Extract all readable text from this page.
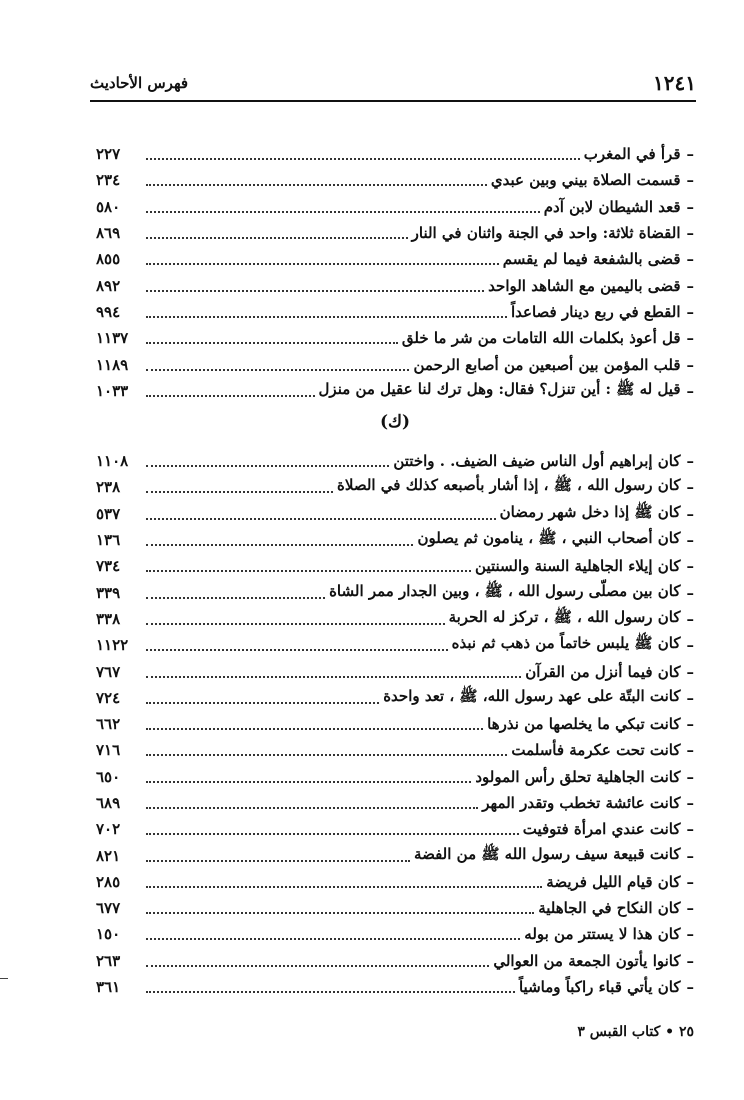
١٢٤١
فهرس الأحاديث
–
قرأ في المغرب
٢٢٧
–
قسمت الصلاة بيني وبين عبدي
٢٣٤
–
قعد الشيطان لابن آدم
٥٨٠
–
القضاة ثلاثة: واحد في الجنة واثنان في النار
٨٦٩
–
قضى بالشفعة فيما لم يقسم
٨٥٥
–
قضى باليمين مع الشاهد الواحد
٨٩٢
–
القطع في ربع دينار فصاعداً
٩٩٤
–
قل أعوذ بكلمات الله التامات من شر ما خلق
١١٣٧
–
قلب المؤمن بين أصبعين من أصابع الرحمن
١١٨٩
–
قيل له ﷺ : أين تنزل؟ فقال: وهل ترك لنا عقيل من منزل
١٠٣٣
(ك)
–
كان إبراهيم أول الناس ضيف الضيف. . واختتن
١١٠٨
–
كان رسول الله ، ﷺ ، إذا أشار بأصبعه كذلك في الصلاة
٢٣٨
–
كان ﷺ إذا دخل شهر رمضان
٥٣٧
–
كان أصحاب النبي ، ﷺ ، ينامون ثم يصلون
١٣٦
–
كان إيلاء الجاهلية السنة والسنتين
٧٣٤
–
كان بين مصلّى رسول الله ، ﷺ ، وبين الجدار ممر الشاة
٣٣٩
–
كان رسول الله ، ﷺ ، تركز له الحربة
٣٣٨
–
كان ﷺ يلبس خاتماً من ذهب ثم نبذه
١١٢٢
–
كان فيما أنزل من القرآن
٧٦٧
–
كانت البتّة على عهد رسول الله، ﷺ ، تعد واحدة
٧٢٤
–
كانت تبكي ما يخلصها من نذرها
٦٦٢
–
كانت تحت عكرمة فأسلمت
٧١٦
–
كانت الجاهلية تحلق رأس المولود
٦٥٠
–
كانت عائشة تخطب وتقدر المهر
٦٨٩
–
كانت عندي امرأة فتوفيت
٧٠٢
–
كانت قبيعة سيف رسول الله ﷺ من الفضة
٨٢١
–
كان قيام الليل فريضة
٢٨٥
–
كان النكاح في الجاهلية
٦٧٧
–
كان هذا لا يستتر من بوله
١٥٠
–
كانوا يأتون الجمعة من العوالي
٢٦٣
–
كان يأتي قباء راكباً وماشياً
٣٦١
٢٥ • كتاب القبس ٣
